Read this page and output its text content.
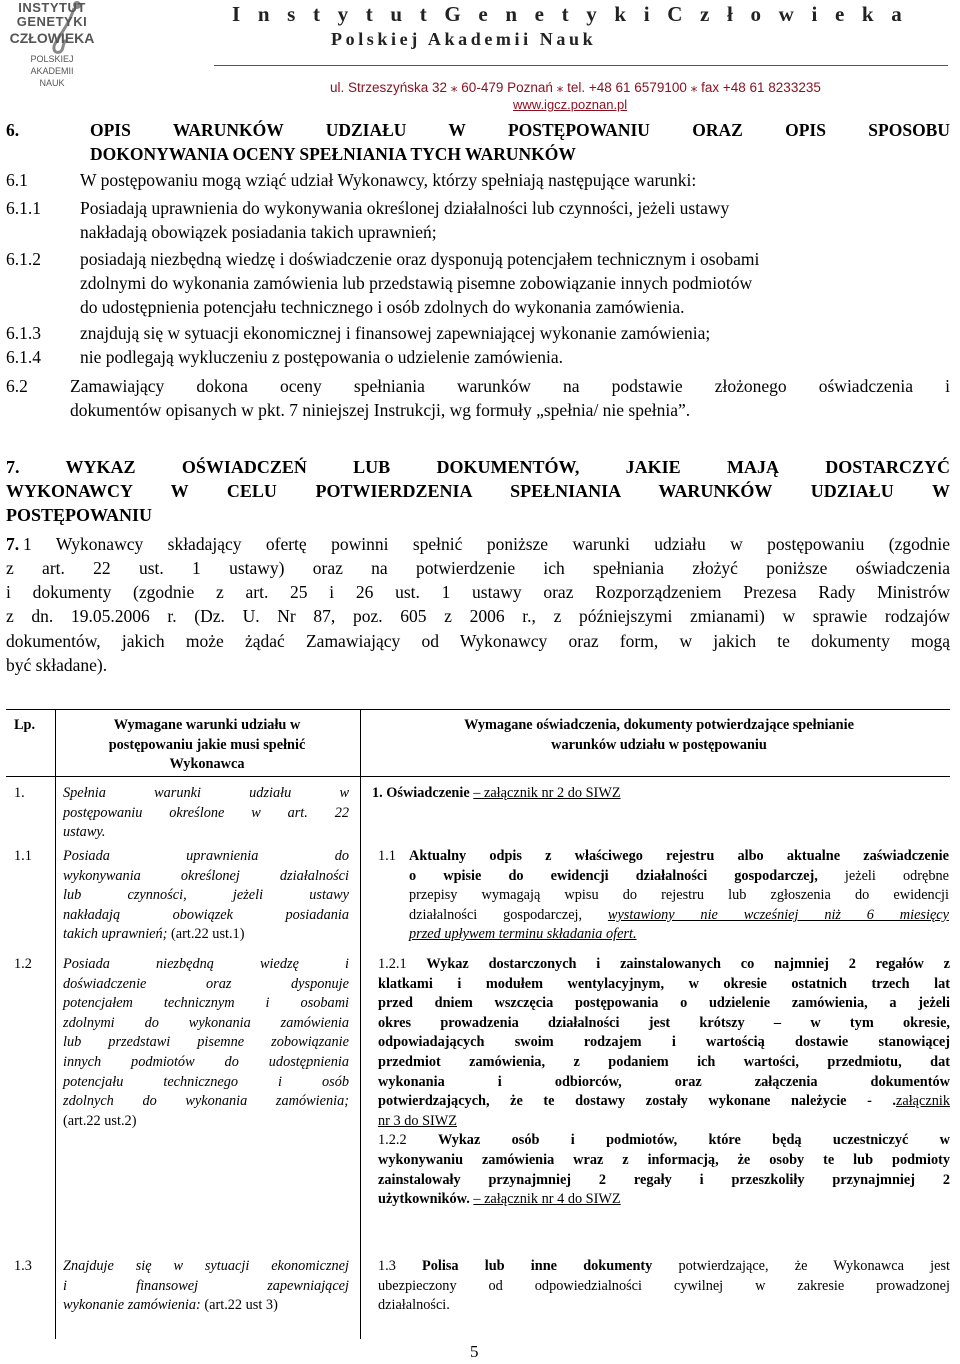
INSTYTUT
GENETYKI
CZŁOWIEKA
POLSKIEJ
AKADEMII
NAUK
I n s t y t u t G e n e t y k i C z ł o w i e k a
Polskiej Akademii Nauk
ul. Strzeszyńska 32 ⁎ 60-479 Poznań ⁎ tel. +48 61 6579100 ⁎ fax +48 61 8233235
www.igcz.poznan.pl
6.	OPIS WARUNKÓW UDZIAŁU W POSTĘPOWANIU ORAZ OPIS SPOSOBU
DOKONYWANIA OCENY SPEŁNIANIA TYCH WARUNKÓW
6.1	W postępowaniu mogą wziąć udział Wykonawcy, którzy spełniają następujące warunki:
6.1.1 Posiadają uprawnienia do wykonywania określonej działalności lub czynności, jeżeli ustawy
nakładają obowiązek posiadania takich uprawnień;
6.1.2 posiadają niezbędną wiedzę i doświadczenie oraz dysponują potencjałem technicznym i osobami
zdolnymi do wykonania zamówienia lub przedstawią pisemne zobowiązanie innych podmiotów
do udostępnienia potencjału technicznego i osób zdolnych do wykonania zamówienia.
6.1.3 znajdują się w sytuacji ekonomicznej i finansowej zapewniającej wykonanie zamówienia;
6.1.4 nie podlegają wykluczeniu z postępowania o udzielenie zamówienia.
6.2 Zamawiający dokona oceny spełniania warunków na podstawie złożonego oświadczenia i
dokumentów opisanych w pkt. 7 niniejszej Instrukcji, wg formuły „spełnia/ nie spełnia”.
7. WYKAZ OŚWIADCZEŃ LUB DOKUMENTÓW, JAKIE MAJĄ DOSTARCZYĆ
WYKONAWCY W CELU POTWIERDZENIA SPEŁNIANIA WARUNKÓW UDZIAŁU W
POSTĘPOWANIU
7. 1 Wykonawcy składający ofertę powinni spełnić poniższe warunki udziału w postępowaniu (zgodnie
z art. 22 ust. 1 ustawy) oraz na potwierdzenie ich spełniania złożyć poniższe oświadczenia
i dokumenty (zgodnie z art. 25 i 26 ust. 1 ustawy oraz Rozporządzeniem Prezesa Rady Ministrów
z dn. 19.05.2006 r. (Dz. U. Nr 87, poz. 605 z 2006 r., z późniejszymi zmianami) w sprawie rodzajów
dokumentów, jakich może żądać Zamawiający od Wykonawcy oraz form, w jakich te dokumenty mogą
być składane).
Lp.	Wymagane warunki udziału w
postępowaniu jakie musi spełnić
Wykonawca
Wymagane oświadczenia, dokumenty potwierdzające spełnianie
warunków udziału w postępowaniu
1.	Spełnia warunki udziału w
postępowaniu określone w art. 22
ustawy.
1. Oświadczenie – załącznik nr 2 do SIWZ
1.1 Posiada uprawnienia do
wykonywania określonej działalności
lub czynności, jeżeli ustawy
nakładają obowiązek posiadania
takich uprawnień; (art.22 ust.1)
1.1 Aktualny odpis z właściwego rejestru albo aktualne zaświadczenie
o wpisie do ewidencji działalności gospodarczej, jeżeli odrębne
przepisy wymagają wpisu do rejestru lub zgłoszenia do ewidencji
działalności gospodarczej, wystawiony nie wcześniej niż 6 miesięcy
przed upływem terminu składania ofert.
1.2 Posiada niezbędną wiedzę i
doświadczenie oraz dysponuje
potencjałem technicznym i osobami
zdolnymi do wykonania zamówienia
lub przedstawi pisemne zobowiązanie
innych podmiotów do udostępnienia
potencjału technicznego i osób
zdolnych do wykonania zamówienia;
(art.22 ust.2)
1.2.1 Wykaz dostarczonych i zainstalowanych co najmniej 2 regałów z
klatkami i modułem wentylacyjnym, w okresie ostatnich trzech lat
przed dniem wszczęcia postępowania o udzielenie zamówienia, a jeżeli
okres prowadzenia działalności jest krótszy – w tym okresie,
odpowiadających swoim rodzajem i wartością dostawie stanowiącej
przedmiot zamówienia, z podaniem ich wartości, przedmiotu, dat
wykonania i odbiorców, oraz załączenia dokumentów
potwierdzających, że te dostawy zostały wykonane należycie - .załącznik
nr 3 do SIWZ
1.2.2 Wykaz osób i podmiotów, które będą uczestniczyć w
wykonywaniu zamówienia wraz z informacją, że osoby te lub podmioty
zainstalowały przynajmniej 2 regały i przeszkoliły przynajmniej 2
użytkowników. – załącznik nr 4 do SIWZ
1.3 Znajduje się w sytuacji ekonomicznej
i finansowej zapewniającej
wykonanie zamówienia: (art.22 ust 3)
1.3 Polisa lub inne dokumenty potwierdzające, że Wykonawca jest
ubezpieczony od odpowiedzialności cywilnej w zakresie prowadzonej
działalności.
5
